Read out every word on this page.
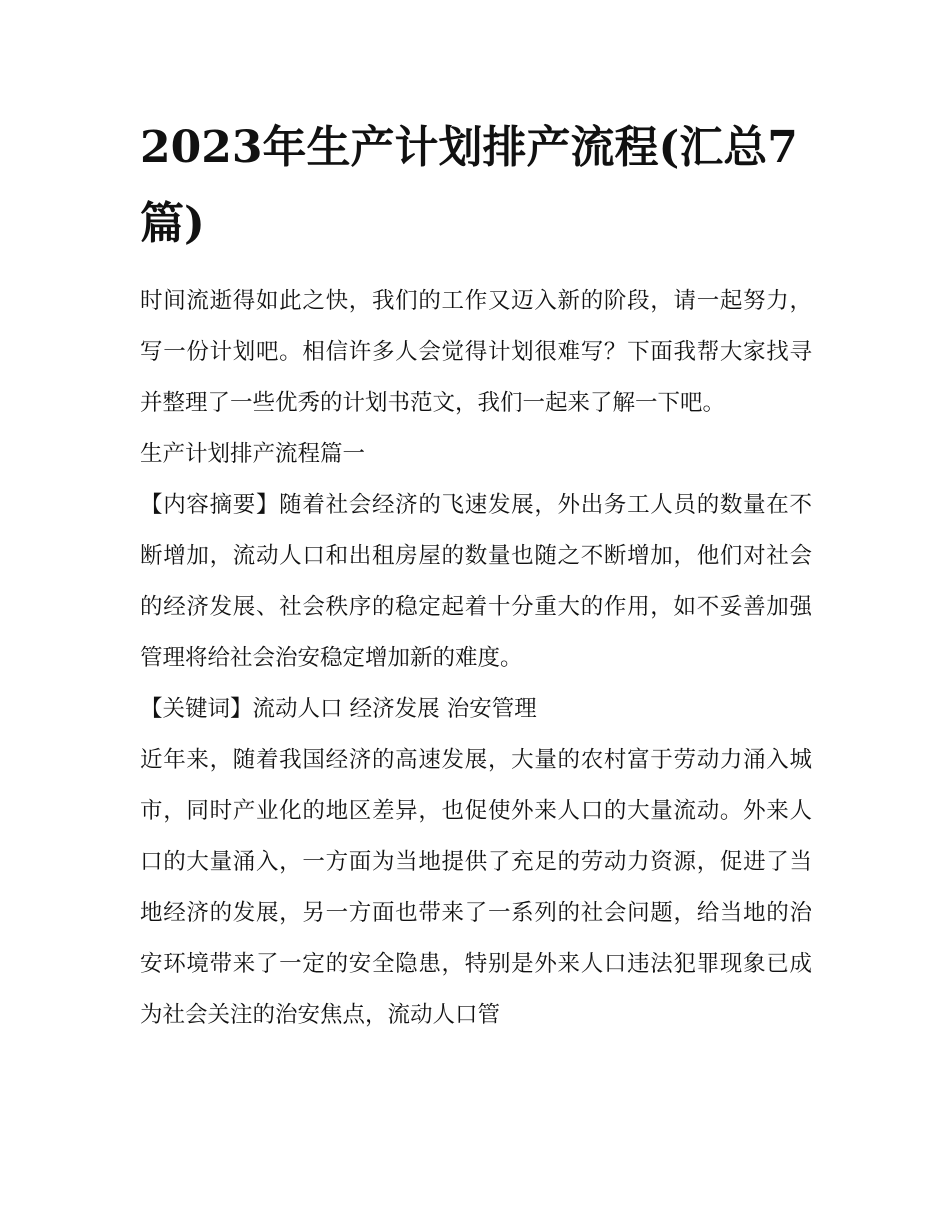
2023年生产计划排产流程(汇总7篇)

时间流逝得如此之快，我们的工作又迈入新的阶段，请一起努力，写一份计划吧。相信许多人会觉得计划很难写？下面我帮大家找寻并整理了一些优秀的计划书范文，我们一起来了解一下吧。

生产计划排产流程篇一

【内容摘要】随着社会经济的飞速发展，外出务工人员的数量在不断增加，流动人口和出租房屋的数量也随之不断增加，他们对社会的经济发展、社会秩序的稳定起着十分重大的作用，如不妥善加强管理将给社会治安稳定增加新的难度。

【关键词】流动人口 经济发展 治安管理

近年来，随着我国经济的高速发展，大量的农村富于劳动力涌入城市，同时产业化的地区差异，也促使外来人口的大量流动。外来人口的大量涌入，一方面为当地提供了充足的劳动力资源，促进了当地经济的发展，另一方面也带来了一系列的社会问题，给当地的治安环境带来了一定的安全隐患，特别是外来人口违法犯罪现象已成为社会关注的治安焦点，流动人口管
